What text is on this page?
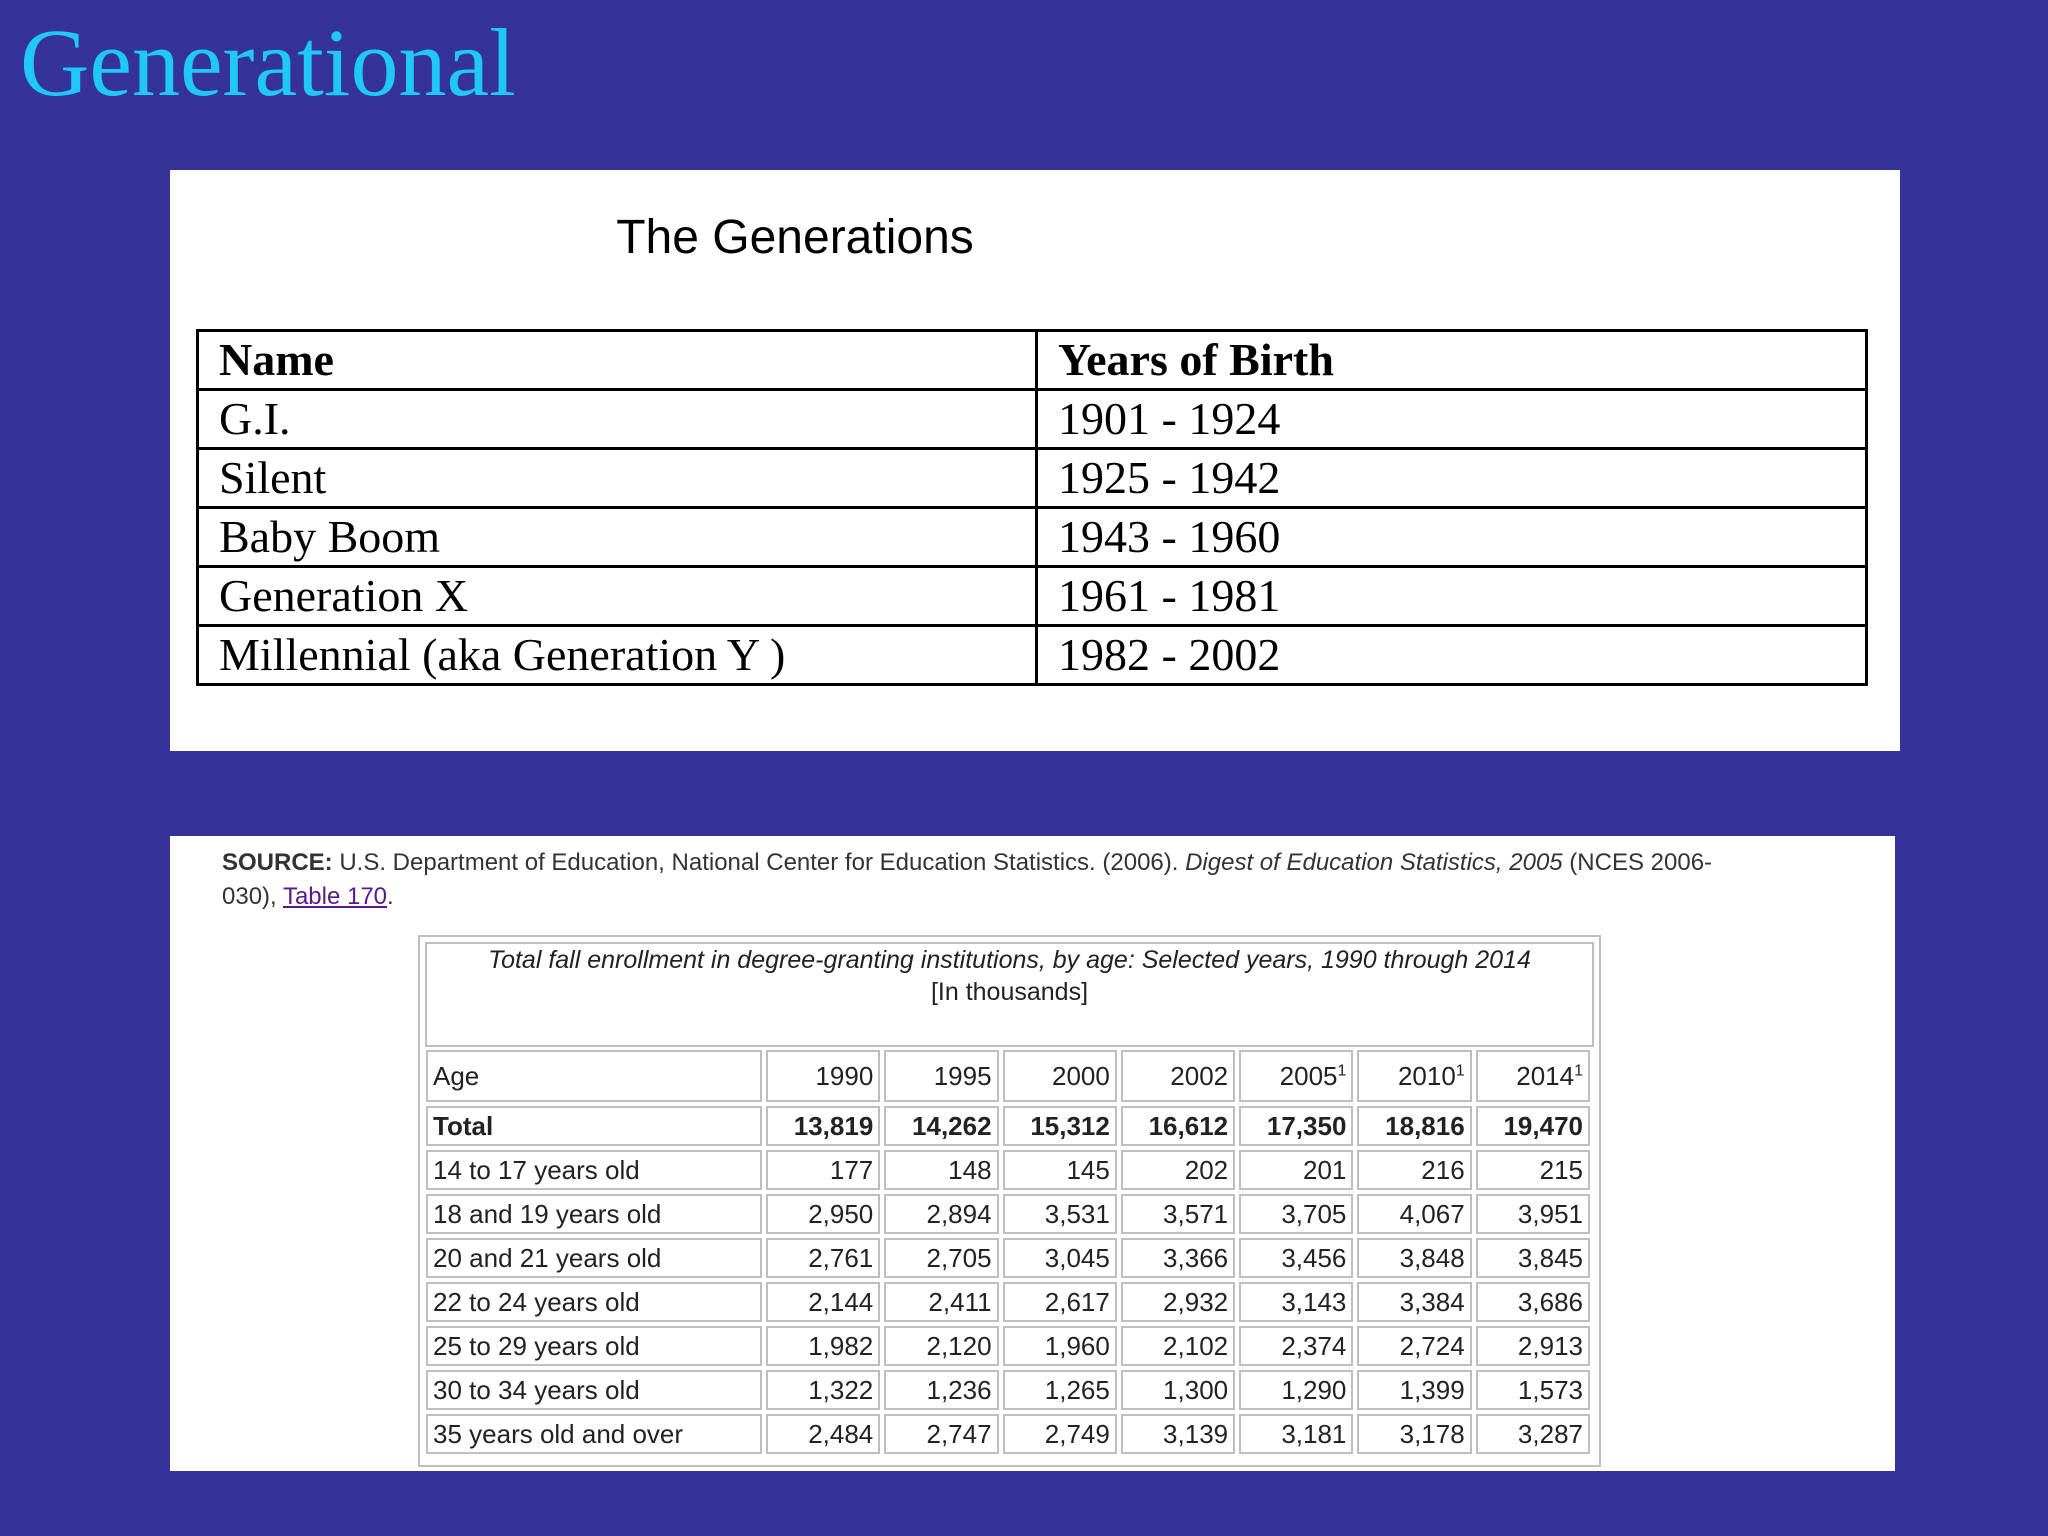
Generational
The Generations
Name	Years of Birth
G.I.	1901 - 1924
Silent	1925 - 1942
Baby Boom	1943 - 1960
Generation X	1961 - 1981
Millennial (aka Generation Y )	1982 - 2002
SOURCE: U.S. Department of Education, National Center for Education Statistics. (2006). Digest of Education Statistics, 2005 (NCES 2006-030), Table 170.
Total fall enrollment in degree-granting institutions, by age: Selected years, 1990 through 2014
[In thousands]
Age	1990	1995	2000	2002	2005$^1$	2010$^1$	2014$^1$
Total	13,819	14,262	15,312	16,612	17,350	18,816	19,470
14 to 17 years old	177	148	145	202	201	216	215
18 and 19 years old	2,950	2,894	3,531	3,571	3,705	4,067	3,951
20 and 21 years old	2,761	2,705	3,045	3,366	3,456	3,848	3,845
22 to 24 years old	2,144	2,411	2,617	2,932	3,143	3,384	3,686
25 to 29 years old	1,982	2,120	1,960	2,102	2,374	2,724	2,913
30 to 34 years old	1,322	1,236	1,265	1,300	1,290	1,399	1,573
35 years old and over	2,484	2,747	2,749	3,139	3,181	3,178	3,287
